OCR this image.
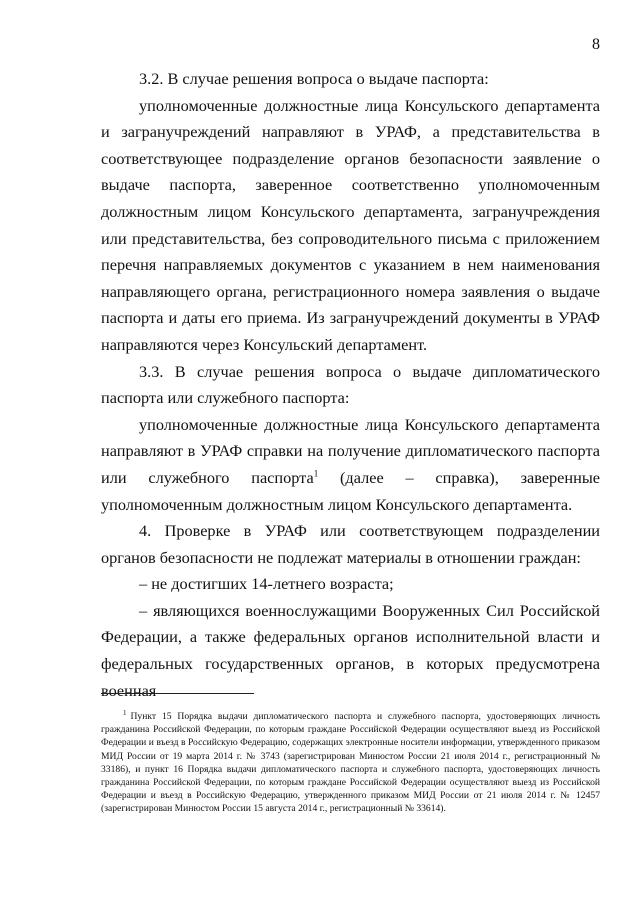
8

3.2. В случае решения вопроса о выдаче паспорта:

уполномоченные должностные лица Консульского департамента и загранучреждений направляют в УРАФ, а представительства в соответствующее подразделение органов безопасности заявление о выдаче паспорта, заверенное соответственно уполномоченным должностным лицом Консульского департамента, загранучреждения или представительства, без сопроводительного письма с приложением перечня направляемых документов с указанием в нем наименования направляющего органа, регистрационного номера заявления о выдаче паспорта и даты его приема. Из загранучреждений документы в УРАФ направляются через Консульский департамент.

3.3. В случае решения вопроса о выдаче дипломатического паспорта или служебного паспорта:

уполномоченные должностные лица Консульского департамента направляют в УРАФ справки на получение дипломатического паспорта или служебного паспорта$^1$ (далее – справка), заверенные уполномоченным должностным лицом Консульского департамента.

4. Проверке в УРАФ или соответствующем подразделении органов безопасности не подлежат материалы в отношении граждан:

– не достигших 14-летнего возраста;

– являющихся военнослужащими Вооруженных Сил Российской Федерации, а также федеральных органов исполнительной власти и федеральных государственных органов, в которых предусмотрена военная

$^1$ Пункт 15 Порядка выдачи дипломатического паспорта и служебного паспорта, удостоверяющих личность гражданина Российской Федерации, по которым граждане Российской Федерации осуществляют выезд из Российской Федерации и въезд в Российскую Федерацию, содержащих электронные носители информации, утвержденного приказом МИД России от 19 марта 2014 г. № 3743 (зарегистрирован Минюстом России 21 июля 2014 г., регистрационный № 33186), и пункт 16 Порядка выдачи дипломатического паспорта и служебного паспорта, удостоверяющих личность гражданина Российской Федерации, по которым граждане Российской Федерации осуществляют выезд из Российской Федерации и въезд в Российскую Федерацию, утвержденного приказом МИД России от 21 июля 2014 г. № 12457 (зарегистрирован Минюстом России 15 августа 2014 г., регистрационный № 33614).
